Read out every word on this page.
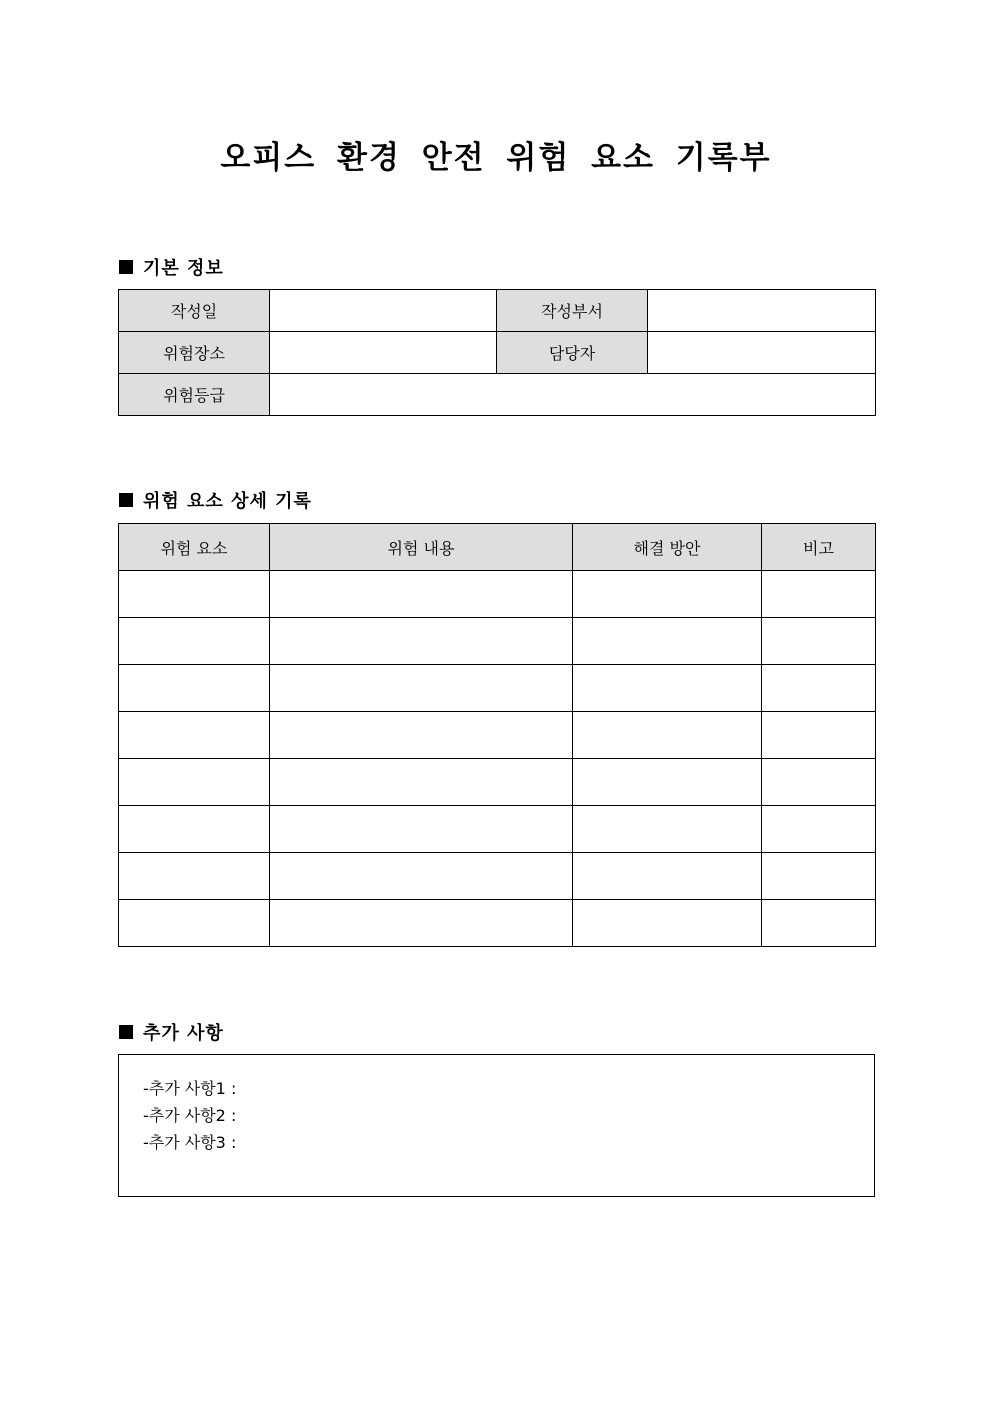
오피스 환경 안전 위험 요소 기록부
기본 정보
작성일		작성부서	
위험장소		담당자	
위험등급			
위험 요소 상세 기록
위험 요소	위험 내용	해결 방안	비고

추가 사항
-추가 사항1 :
-추가 사항2 :
-추가 사항3 :
